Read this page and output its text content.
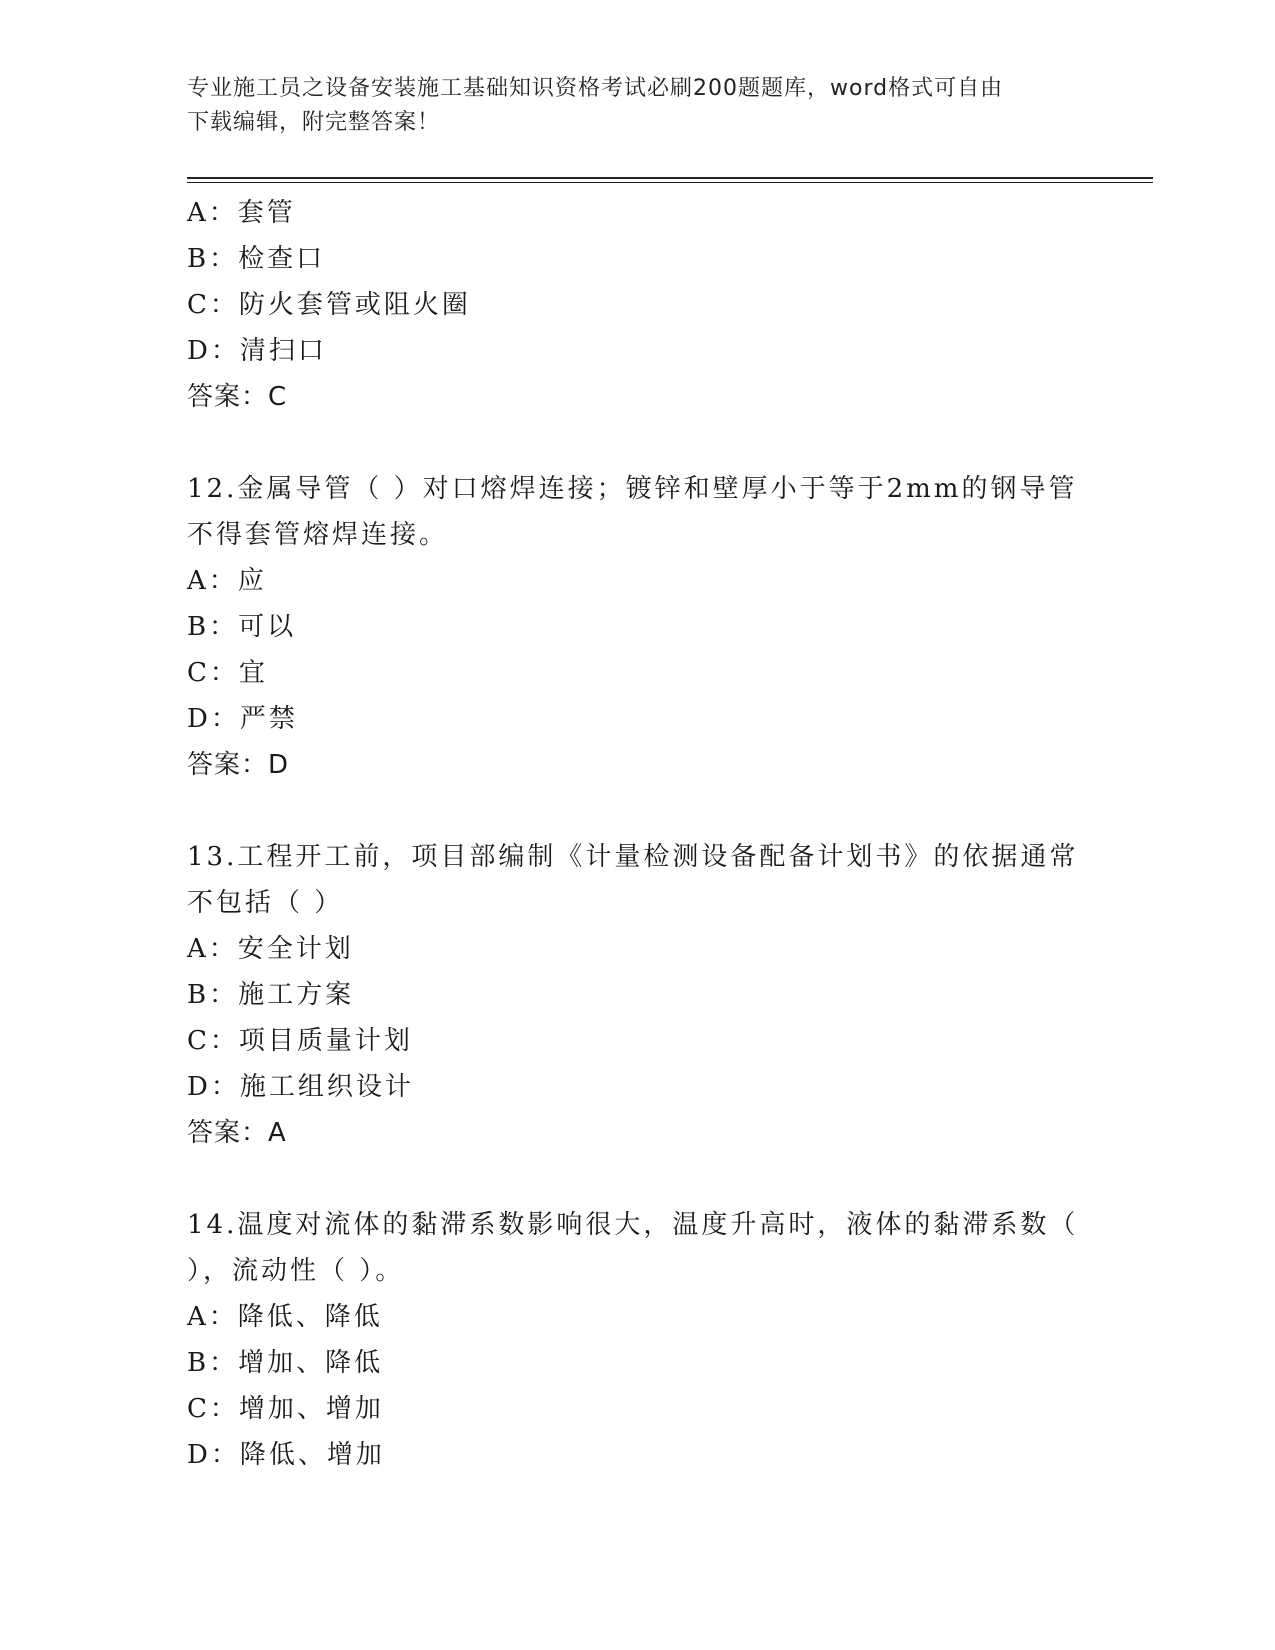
专业施工员之设备安装施工基础知识资格考试必刷200题题库，word格式可自由
下载编辑，附完整答案！
A：套管
B：检查口
C：防火套管或阻火圈
D：清扫口
答案：C
12.金属导管（ ）对口熔焊连接；镀锌和壁厚小于等于2mm的钢导管
不得套管熔焊连接。
A：应
B：可以
C：宜
D：严禁
答案：D
13.工程开工前，项目部编制《计量检测设备配备计划书》的依据通常
不包括（ ）
A：安全计划
B：施工方案
C：项目质量计划
D：施工组织设计
答案：A
14.温度对流体的黏滞系数影响很大，温度升高时，液体的黏滞系数（
），流动性（ ）。
A：降低、降低
B：增加、降低
C：增加、增加
D：降低、增加
